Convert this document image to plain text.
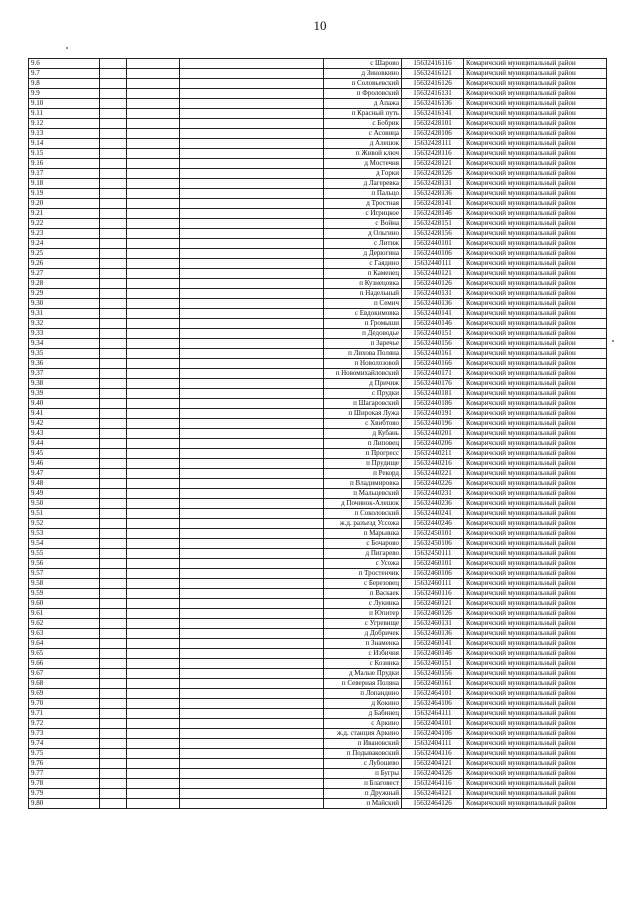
10
9.6				с Шарово	15632416116	Комаричский муниципальный район
9.7				д Зиновкино	15632416121	Комаричский муниципальный район
9.8				п Соловьевский	15632416126	Комаричский муниципальный район
9.9				п Фроловский	15632416131	Комаричский муниципальный район
9.10				д Апажа	15632416136	Комаричский муниципальный район
9.11				п Красный путь	15632416141	Комаричский муниципальный район
9.12				с Бобрик	15632428101	Комаричский муниципальный район
9.13				с Асовица	15632428106	Комаричский муниципальный район
9.14				д Алешок	15632428111	Комаричский муниципальный район
9.15				п Живой ключ	15632428116	Комаричский муниципальный район
9.16				д Мостечня	15632428121	Комаричский муниципальный район
9.17				д Горки	15632428126	Комаричский муниципальный район
9.18				д Лагеревка	15632428131	Комаричский муниципальный район
9.19				п Пальцо	15632428136	Комаричский муниципальный район
9.20				д Тростная	15632428141	Комаричский муниципальный район
9.21				с Игрицкое	15632428146	Комаричский муниципальный район
9.22				с Война	15632428151	Комаричский муниципальный район
9.23				д Ольгино	15632428156	Комаричский муниципальный район
9.24				с Литиж	15632440101	Комаричский муниципальный район
9.25				д Дерюгина	15632440106	Комаричский муниципальный район
9.26				с Гаядино	15632440111	Комаричский муниципальный район
9.27				п Каменец	15632440121	Комаричский муниципальный район
9.28				п Кузнецовка	15632440126	Комаричский муниципальный район
9.29				п Надельный	15632440131	Комаричский муниципальный район
9.30				п Семич	15632440136	Комаричский муниципальный район
9.31				с Евдокимовка	15632440141	Комаричский муниципальный район
9.32				п Громыши	15632440146	Комаричский муниципальный район
9.33				п Дедоводье	15632440151	Комаричский муниципальный район
9.34				п Заречье	15632440156	Комаричский муниципальный район
9.35				п Лихова Поляна	15632440161	Комаричский муниципальный район
9.36				п Новолозовой	15632440166	Комаричский муниципальный район
9.37				п Новомихайловский	15632440171	Комаричский муниципальный район
9.38				д Причиж	15632440176	Комаричский муниципальный район
9.39				с Прудки	15632440181	Комаричский муниципальный район
9.40				п Шагаровский	15632440186	Комаричский муниципальный район
9.41				п Широкая Лужа	15632440191	Комаричский муниципальный район
9.42				с Хвибтово	15632440196	Комаричский муниципальный район
9.43				д Кубань	15632440201	Комаричский муниципальный район
9.44				п Липовец	15632440206	Комаричский муниципальный район
9.45				п Прогресс	15632440211	Комаричский муниципальный район
9.46				п Прудище	15632440216	Комаричский муниципальный район
9.47				п Рекорд	15632440221	Комаричский муниципальный район
9.48				п Владимировка	15632440226	Комаричский муниципальный район
9.49				п Мальцевский	15632440231	Комаричский муниципальный район
9.50				д Починок-Алешок	15632440236	Комаричский муниципальный район
9.51				п Соколовский	15632440241	Комаричский муниципальный район
9.52				ж.д. разъезд Уссожа	15632440246	Комаричский муниципальный район
9.53				п Марьинка	15632450101	Комаричский муниципальный район
9.54				с Бочарово	15632450106	Комаричский муниципальный район
9.55				д Пигарево	15632450111	Комаричский муниципальный район
9.56				с Усожа	15632460101	Комаричский муниципальный район
9.57				п Тростенчик	15632460106	Комаричский муниципальный район
9.58				с Березовец	15632460111	Комаричский муниципальный район
9.59				п Васкаек	15632460116	Комаричский муниципальный район
9.60				с Лукинка	15632460121	Комаричский муниципальный район
9.61				п Юпитер	15632460126	Комаричский муниципальный район
9.62				с Угревище	15632460131	Комаричский муниципальный район
9.63				д Добричек	15632460136	Комаричский муниципальный район
9.64				п Знаменка	15632460141	Комаричский муниципальный район
9.65				с Избичня	15632460146	Комаричский муниципальный район
9.66				с Козинка	15632460151	Комаричский муниципальный район
9.67				д Малые Прудки	15632460156	Комаричский муниципальный район
9.68				п Северная Поляна	15632460161	Комаричский муниципальный район
9.69				п Лопандино	15632464101	Комаричский муниципальный район
9.70				д Кокино	15632464106	Комаричский муниципальный район
9.71				д Бабинец	15632464111	Комаричский муниципальный район
9.72				с Аркино	15632404101	Комаричский муниципальный район
9.73				ж.д. станция Аркино	15632404106	Комаричский муниципальный район
9.74				п Ивановский	15632404111	Комаричский муниципальный район
9.75				п Подываковский	15632404116	Комаричский муниципальный район
9.76				с Лубошево	15632404121	Комаричский муниципальный район
9.77				п Бугры	15632404126	Комаричский муниципальный район
9.78				п Благовест	15632464116	Комаричский муниципальный район
9.79				п Дружный	15632464121	Комаричский муниципальный район
9.80				п Майский	15632464126	Комаричский муниципальный район
